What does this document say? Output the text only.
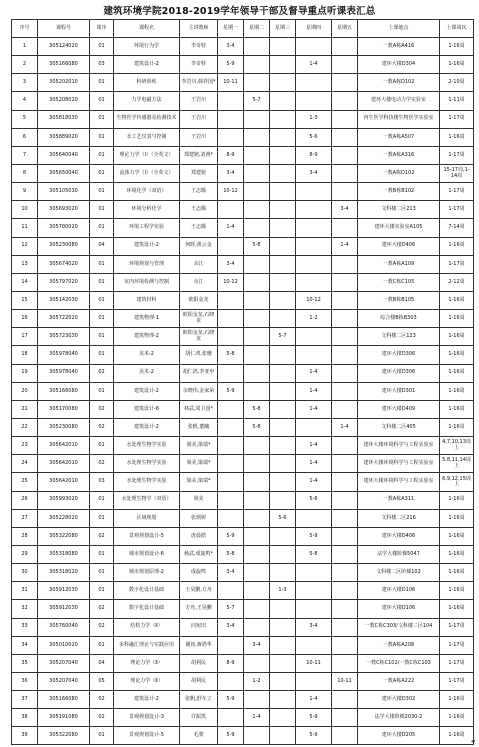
建筑环境学院2018-2019学年领导干部及督导重点听课表汇总
序号	课程号	课序	课程名	主讲教师	星期一	星期二	星期三	星期四	星期五	上课地点	上课周次
1	305124020	01	环境行为学	李奇特	3-4					一教A栋A416	1-16周
2	305166080	03	建筑设计-2	李奇特	5-9			1-4		建环大楼D304	1-16周
3	305202010	01	科研训练	李岩川,韩祥国*	10-11					一教A栋D102	2-10周
4	305208020	01	力学电磁方法	王岩川		5-7				建环大楼电动力学实验室	1-11周
5	305818030	01	生物医学传感器及检测技术	王岩川				1-3		再生医学科技楼生物医学实验室	1-17周
6	305889020	01	水工艺仪表与控制	王岩川				5-6		一教A栋A507	1-16周
7	305640040	01	理论力学（Ⅰ）（全英文）	郑建铭,刘燕*	8-9			8-9		一教A栋A316	1-17周
8	305650040	01	流体力学（Ⅰ）（全英文）	郑建铭	3-4			3-4		一教A栋D102	15-17周,1-14周
9	305105030	01	环境化学（双语）	王志腾	10-12					一教B栋B102	1-17周
10	305693020	01	环境分析化学	王志腾					3-4	文科楼二区213	1-17周
11	305700020	01	环境工程学实验	王志腾	1-4					建环大楼实验室A105	7-14周
12	305230080	04	建筑设计-2	何晖,黄云金		5-8			1-4	建环大楼D406	1-16周
13	305674020	01	环境规划与管理	余江	3-4					一教A栋A109	1-17周
14	305797020	01	室内环境检测与控制	余江	10-12					一教C栋C105	2-12周
15	305142030	01	建筑材料	欧阳金龙				10-12		一教B栋B105	1-16周
16	305722020	01	建筑物理-1	欧阳金龙,石晓龙				1-2		综合楼B栋B303	1-16周
17	305723030	01	建筑物理-2	欧阳金龙,石晓龙			5-7			文科楼二区123	1-16周
18	305978040	01	美术-2	胡仁鸿,张珊	5-8					建环大楼D306	1-16周
19	305978040	02	美术-2	胡仁鸿,李亚申				1-4		建环大楼D306	1-16周
20	305166080	01	建筑设计-2	余晓伟,金家荣	5-9			1-4		建环大楼D301	1-16周
21	305170080	02	建筑设计-6	林武,周卫国*		5-8		1-4		建环大楼D409	1-16周
22	305230080	02	建筑设计-2	张帆,董曦		5-8			1-4	文科楼二区405	1-16周
23	305642010	01	水处理生物学实验	梁美,梁瑞*				1-4		建环大楼环境科学与工程实验室	4,7,10,13周上
24	305642010	02	水处理生物学实验	梁美,梁瑞*				1-4		建环大楼环境科学与工程实验室	5,8,11,14周上
25	305642010	03	水处理生物学实验	梁美,梁瑞*				1-4		建环大楼环境科学与工程实验室	6,9,12,15周上
26	305993020	01	水处理生物学（双语）	梁美				5-6		一教A栋A311	1-16周
27	305228020	01	区域规划	张炳树			5-6			文科楼二区216	1-16周
28	305322080	02	景观规划设计-5	唐晨皓	5-9			5-9		建环大楼D406	1-16周
29	305318080	01	城市规划设计-6	杨武,成旋鸣*	5-8			5-8		法学大楼阶梯5047	1-16周
30	305318020	01	城市规划原理-2	成旋鸣	3-4					文科楼二区阶梯102	1-16周
31	305912030	01	数字化设计基础	王昊鹏,方舟			1-3			建环大楼D106	1-16周
32	305912030	02	数字化设计基础	方舟,王昊鹏	5-7					建环大楼D106	1-16周
33	305760040	02	结构力学（Ⅱ）	向宛田	3-4			3-4		一教C栋C303/文科楼二区104	1-17周
34	305010020	01	多科融汇理论与实践应用	谢孩,蒋鸿华		3-4				一教A栋A208	1-17周
35	305207040	04	理论力学（Ⅱ）	胡利民	8-9			10-11		一教C栋C102/一教C栋C103	1-17周
36	305207040	05	理论力学（Ⅱ）	胡利民		1-2			10-11	一教A栋A222	1-17周
37	305166080	02	建筑设计-2	张帆,舒车立	5-9			1-4		建环大楼D302	1-16周
38	305191080	02	景观规划设计-3	许振凯		1-4		5-9		法学大楼阶梯2030-2	1-16周
39	305322080	01	景观规划设计-5	毛骏	5-9			5-9		建环大楼D205	1-16周
↵
